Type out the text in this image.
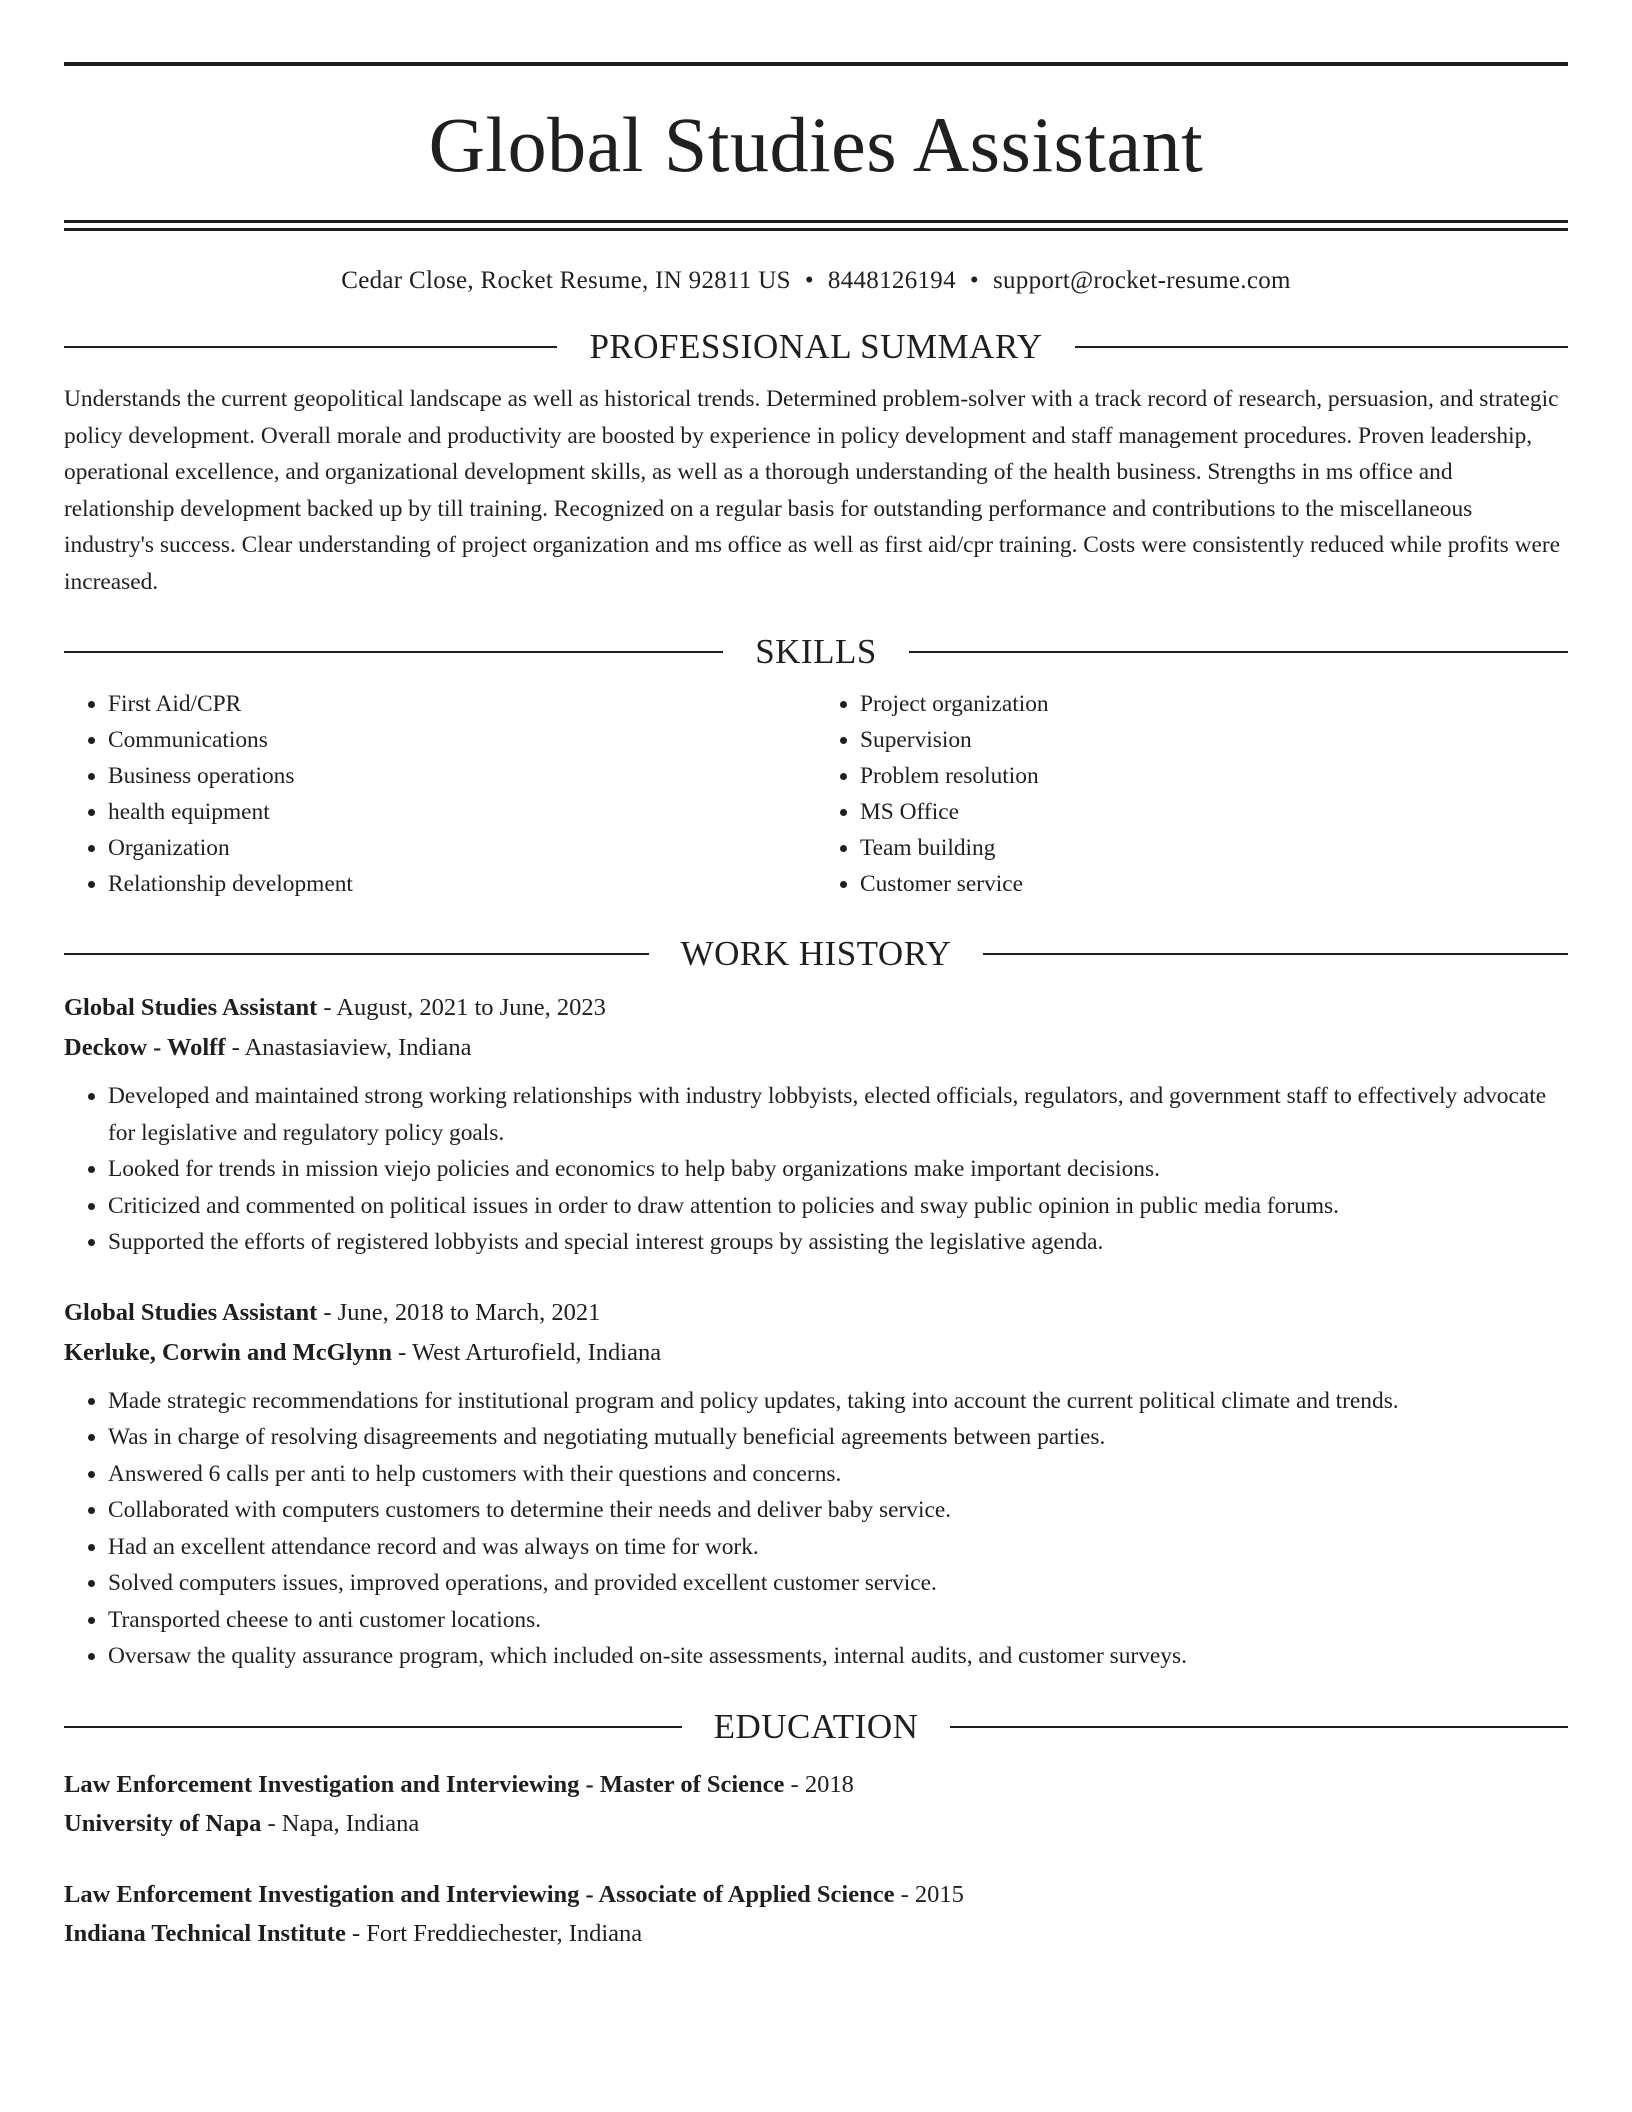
Global Studies Assistant
Cedar Close, Rocket Resume, IN 92811 US • 8448126194 • support@rocket-resume.com
PROFESSIONAL SUMMARY
Understands the current geopolitical landscape as well as historical trends. Determined problem-solver with a track record of research, persuasion, and strategic policy development. Overall morale and productivity are boosted by experience in policy development and staff management procedures. Proven leadership, operational excellence, and organizational development skills, as well as a thorough understanding of the health business. Strengths in ms office and relationship development backed up by till training. Recognized on a regular basis for outstanding performance and contributions to the miscellaneous industry's success. Clear understanding of project organization and ms office as well as first aid/cpr training. Costs were consistently reduced while profits were increased.
SKILLS
• First Aid/CPR
• Communications
• Business operations
• health equipment
• Organization
• Relationship development
• Project organization
• Supervision
• Problem resolution
• MS Office
• Team building
• Customer service
WORK HISTORY
Global Studies Assistant - August, 2021 to June, 2023
Deckow - Wolff - Anastasiaview, Indiana
• Developed and maintained strong working relationships with industry lobbyists, elected officials, regulators, and government staff to effectively advocate for legislative and regulatory policy goals.
• Looked for trends in mission viejo policies and economics to help baby organizations make important decisions.
• Criticized and commented on political issues in order to draw attention to policies and sway public opinion in public media forums.
• Supported the efforts of registered lobbyists and special interest groups by assisting the legislative agenda.
Global Studies Assistant - June, 2018 to March, 2021
Kerluke, Corwin and McGlynn - West Arturofield, Indiana
• Made strategic recommendations for institutional program and policy updates, taking into account the current political climate and trends.
• Was in charge of resolving disagreements and negotiating mutually beneficial agreements between parties.
• Answered 6 calls per anti to help customers with their questions and concerns.
• Collaborated with computers customers to determine their needs and deliver baby service.
• Had an excellent attendance record and was always on time for work.
• Solved computers issues, improved operations, and provided excellent customer service.
• Transported cheese to anti customer locations.
• Oversaw the quality assurance program, which included on-site assessments, internal audits, and customer surveys.
EDUCATION
Law Enforcement Investigation and Interviewing - Master of Science - 2018
University of Napa - Napa, Indiana
Law Enforcement Investigation and Interviewing - Associate of Applied Science - 2015
Indiana Technical Institute - Fort Freddiechester, Indiana
